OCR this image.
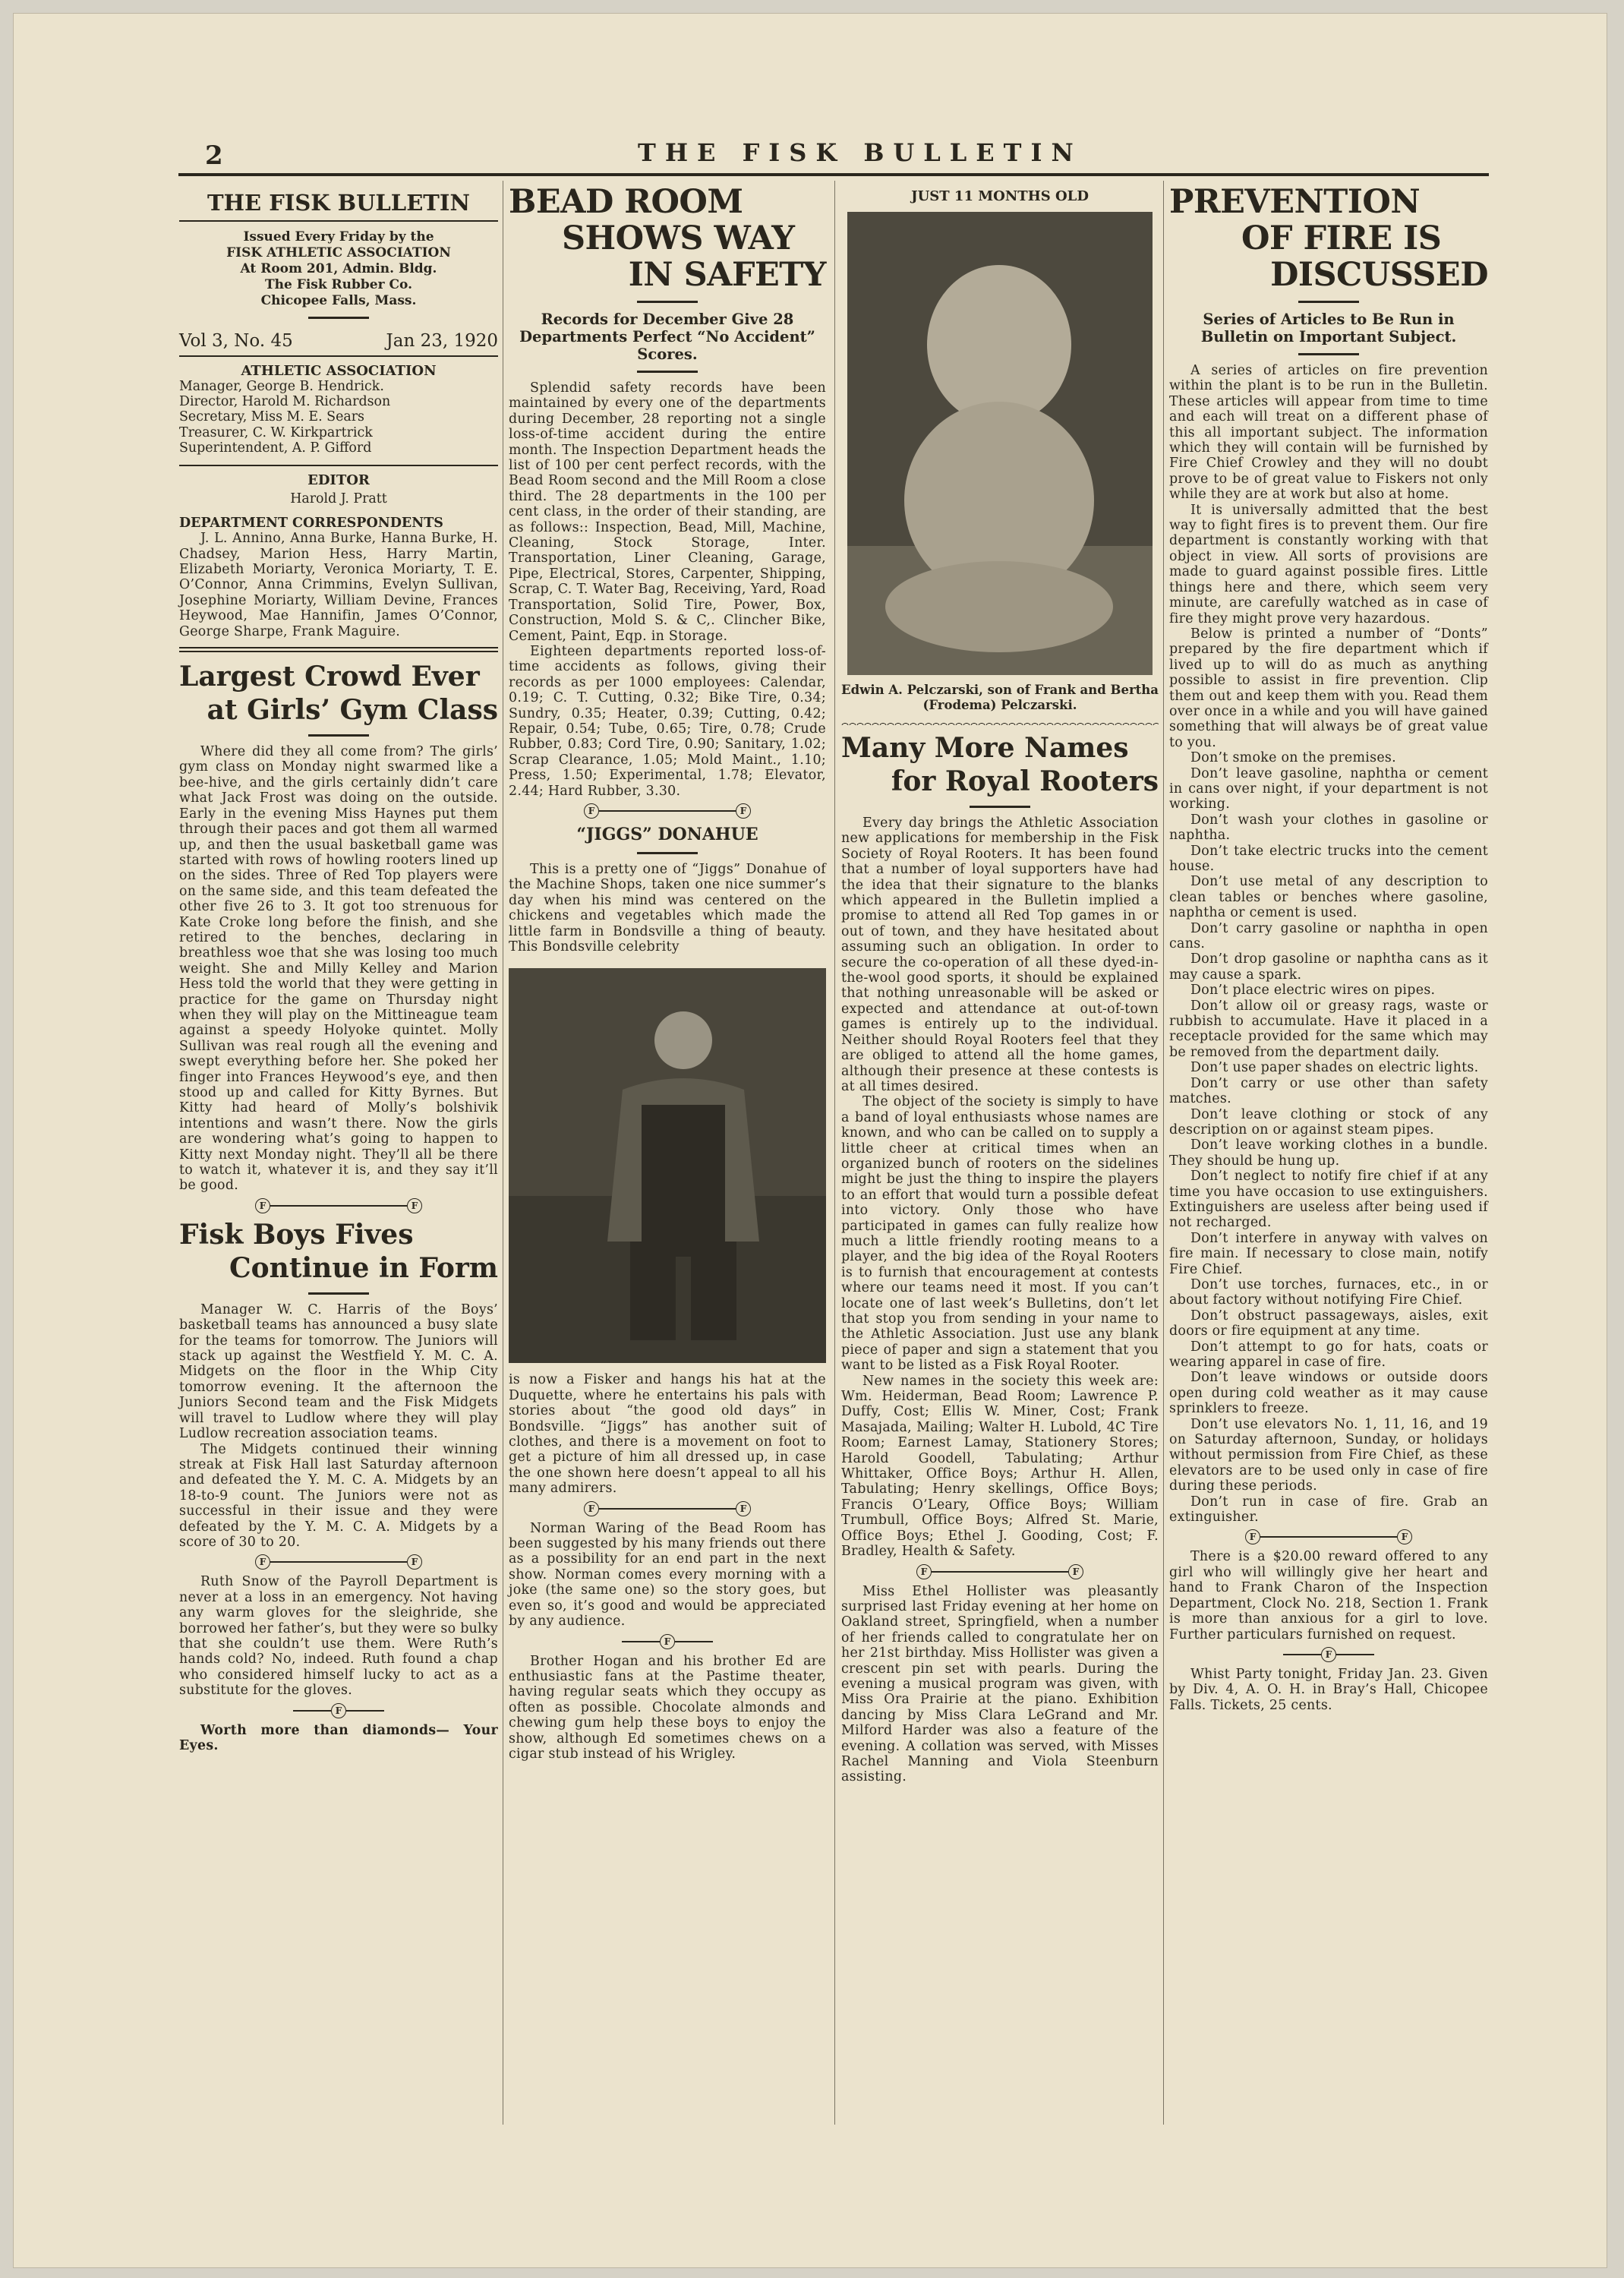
2	THE FISK BULLETIN
THE FISK BULLETIN
Issued Every Friday by the
FISK ATHLETIC ASSOCIATION
At Room 201, Admin. Bldg.
The Fisk Rubber Co.
Chicopee Falls, Mass.
Vol 3, No. 45	Jan 23, 1920
ATHLETIC ASSOCIATION
Manager, George B. Hendrick.
Director, Harold M. Richardson
Secretary, Miss M. E. Sears
Treasurer, C. W. Kirkpartrick
Superintendent, A. P. Gifford
EDITOR
Harold J. Pratt
DEPARTMENT CORRESPONDENTS

J. L. Annino, Anna Burke, Hanna Burke, H. Chadsey, Marion Hess, Harry Martin, Elizabeth Moriarty, Veronica Moriarty, T. E. O’Connor, Anna Crimmins, Evelyn Sullivan, Josephine Moriarty, William Devine, Frances Heywood, Mae Hannifin, James O’Connor, George Sharpe, Frank Maguire.

Largest Crowd Ever
at Girls’ Gym Class

Where did they all come from? The girls’ gym class on Monday night swarmed like a bee-hive, and the girls certainly didn’t care what Jack Frost was doing on the outside. Early in the evening Miss Haynes put them through their paces and got them all warmed up, and then the usual basketball game was started with rows of howling rooters lined up on the sides. Three of Red Top players were on the same side, and this team defeated the other five 26 to 3. It got too strenuous for Kate Croke long before the finish, and she retired to the benches, declaring in breathless woe that she was losing too much weight. She and Milly Kelley and Marion Hess told the world that they were getting in practice for the game on Thursday night when they will play on the Mittineague team against a speedy Holyoke quintet. Molly Sullivan was real rough all the evening and swept everything before her. She poked her finger into Frances Heywood’s eye, and then stood up and called for Kitty Byrnes. But Kitty had heard of Molly’s bolshivik intentions and wasn’t there. Now the girls are wondering what’s going to happen to Kitty next Monday night. They’ll all be there to watch it, whatever it is, and they say it’ll be good.

F	F
Fisk Boys Fives
Continue in Form

Manager W. C. Harris of the Boys’ basketball teams has announced a busy slate for the teams for tomorrow. The Juniors will stack up against the Westfield Y. M. C. A. Midgets on the floor in the Whip City tomorrow evening. It the afternoon the Juniors Second team and the Fisk Midgets will travel to Ludlow where they will play Ludlow recreation association teams.

The Midgets continued their winning streak at Fisk Hall last Saturday afternoon and defeated the Y. M. C. A. Midgets by an 18-to-9 count. The Juniors were not as successful in their issue and they were defeated by the Y. M. C. A. Midgets by a score of 30 to 20.

F	F

Ruth Snow of the Payroll Department is never at a loss in an emergency. Not having any warm gloves for the sleighride, she borrowed her father’s, but they were so bulky that she couldn’t use them. Were Ruth’s hands cold? No, indeed. Ruth found a chap who considered himself lucky to act as a substitute for the gloves.

F

Worth more than diamonds— Your Eyes.

BEAD ROOM
SHOWS WAY
IN SAFETY
Records for December Give 28 Departments Perfect “No Accident” Scores.

Splendid safety records have been maintained by every one of the departments during December, 28 reporting not a single loss-of-time accident during the entire month. The Inspection Department heads the list of 100 per cent perfect records, with the Bead Room second and the Mill Room a close third. The 28 departments in the 100 per cent class, in the order of their standing, are as follows:: Inspection, Bead, Mill, Machine, Cleaning, Stock Storage, Inter. Transportation, Liner Cleaning, Garage, Pipe, Electrical, Stores, Carpenter, Shipping, Scrap, C. T. Water Bag, Receiving, Yard, Road Transportation, Solid Tire, Power, Box, Construction, Mold S. & C,. Clincher Bike, Cement, Paint, Eqp. in Storage.

Eighteen departments reported loss-of-time accidents as follows, giving their records as per 1000 employees: Calendar, 0.19; C. T. Cutting, 0.32; Bike Tire, 0.34; Sundry, 0.35; Heater, 0.39; Cutting, 0.42; Repair, 0.54; Tube, 0.65; Tire, 0.78; Crude Rubber, 0.83; Cord Tire, 0.90; Sanitary, 1.02; Scrap Clearance, 1.05; Mold Maint., 1.10; Press, 1.50; Experimental, 1.78; Elevator, 2.44; Hard Rubber, 3.30.

F	F
“JIGGS” DONAHUE

This is a pretty one of “Jiggs” Donahue of the Machine Shops, taken one nice summer’s day when his mind was centered on the chickens and vegetables which made the little farm in Bondsville a thing of beauty. This Bondsville celebrity

is now a Fisker and hangs his hat at the Duquette, where he entertains his pals with stories about “the good old days” in Bondsville. “Jiggs” has another suit of clothes, and there is a movement on foot to get a picture of him all dressed up, in case the one shown here doesn’t appeal to all his many admirers.

F	F

Norman Waring of the Bead Room has been suggested by his many friends out there as a possibility for an end part in the next show. Norman comes every morning with a joke (the same one) so the story goes, but even so, it’s good and would be appreciated by any audience.

F

Brother Hogan and his brother Ed are enthusiastic fans at the Pastime theater, having regular seats which they occupy as often as possible. Chocolate almonds and chewing gum help these boys to enjoy the show, although Ed sometimes chews on a cigar stub instead of his Wrigley.

JUST 11 MONTHS OLD
Edwin A. Pelczarski, son of Frank and Bertha (Frodema) Pelczarski.
Many More Names
for Royal Rooters

Every day brings the Athletic Association new applications for membership in the Fisk Society of Royal Rooters. It has been found that a number of loyal supporters have had the idea that their signature to the blanks which appeared in the Bulletin implied a promise to attend all Red Top games in or out of town, and they have hesitated about assuming such an obligation. In order to secure the co-operation of all these dyed-in-the-wool good sports, it should be explained that nothing unreasonable will be asked or expected and attendance at out-of-town games is entirely up to the individual. Neither should Royal Rooters feel that they are obliged to attend all the home games, although their presence at these contests is at all times desired.

The object of the society is simply to have a band of loyal enthusiasts whose names are known, and who can be called on to supply a little cheer at critical times when an organized bunch of rooters on the sidelines might be just the thing to inspire the players to an effort that would turn a possible defeat into victory. Only those who have participated in games can fully realize how much a little friendly rooting means to a player, and the big idea of the Royal Rooters is to furnish that encouragement at contests where our teams need it most. If you can’t locate one of last week’s Bulletins, don’t let that stop you from sending in your name to the Athletic Association. Just use any blank piece of paper and sign a statement that you want to be listed as a Fisk Royal Rooter.

New names in the society this week are: Wm. Heiderman, Bead Room; Lawrence P. Duffy, Cost; Ellis W. Miner, Cost; Frank Masajada, Mailing; Walter H. Lubold, 4C Tire Room; Earnest Lamay, Stationery Stores; Harold Goodell, Tabulating; Arthur Whittaker, Office Boys; Arthur H. Allen, Tabulating; Henry skellings, Office Boys; Francis O’Leary, Office Boys; William Trumbull, Office Boys; Alfred St. Marie, Office Boys; Ethel J. Gooding, Cost; F. Bradley, Health & Safety.

F	F

Miss Ethel Hollister was pleasantly surprised last Friday evening at her home on Oakland street, Springfield, when a number of her friends called to congratulate her on her 21st birthday. Miss Hollister was given a crescent pin set with pearls. During the evening a musical program was given, with Miss Ora Prairie at the piano. Exhibition dancing by Miss Clara LeGrand and Mr. Milford Harder was also a feature of the evening. A collation was served, with Misses Rachel Manning and Viola Steenburn assisting.

PREVENTION
OF FIRE IS
DISCUSSED
Series of Articles to Be Run in Bulletin on Important Subject.

A series of articles on fire prevention within the plant is to be run in the Bulletin. These articles will appear from time to time and each will treat on a different phase of this all important subject. The information which they will contain will be furnished by Fire Chief Crowley and they will no doubt prove to be of great value to Fiskers not only while they are at work but also at home.

It is universally admitted that the best way to fight fires is to prevent them. Our fire department is constantly working with that object in view. All sorts of provisions are made to guard against possible fires. Little things here and there, which seem very minute, are carefully watched as in case of fire they might prove very hazardous.

Below is printed a number of “Donts” prepared by the fire department which if lived up to will do as much as anything possible to assist in fire prevention. Clip them out and keep them with you. Read them over once in a while and you will have gained something that will always be of great value to you.

Don’t smoke on the premises.

Don’t leave gasoline, naphtha or cement in cans over night, if your department is not working.

Don’t wash your clothes in gasoline or naphtha.

Don’t take electric trucks into the cement house.

Don’t use metal of any description to clean tables or benches where gasoline, naphtha or cement is used.

Don’t carry gasoline or naphtha in open cans.

Don’t drop gasoline or naphtha cans as it may cause a spark.

Don’t place electric wires on pipes.

Don’t allow oil or greasy rags, waste or rubbish to accumulate. Have it placed in a receptacle provided for the same which may be removed from the department daily.

Don’t use paper shades on electric lights.

Don’t carry or use other than safety matches.

Don’t leave clothing or stock of any description on or against steam pipes.

Don’t leave working clothes in a bundle. They should be hung up.

Don’t neglect to notify fire chief if at any time you have occasion to use extinguishers. Extinguishers are useless after being used if not recharged.

Don’t interfere in anyway with valves on fire main. If necessary to close main, notify Fire Chief.

Don’t use torches, furnaces, etc., in or about factory without notifying Fire Chief.

Don’t obstruct passageways, aisles, exit doors or fire equipment at any time.

Don’t attempt to go for hats, coats or wearing apparel in case of fire.

Don’t leave windows or outside doors open during cold weather as it may cause sprinklers to freeze.

Don’t use elevators No. 1, 11, 16, and 19 on Saturday afternoon, Sunday, or holidays without permission from Fire Chief, as these elevators are to be used only in case of fire during these periods.

Don’t run in case of fire. Grab an extinguisher.

F	F

There is a $20.00 reward offered to any girl who will willingly give her heart and hand to Frank Charon of the Inspection Department, Clock No. 218, Section 1. Frank is more than anxious for a girl to love. Further particulars furnished on request.

F

Whist Party tonight, Friday Jan. 23. Given by Div. 4, A. O. H. in Bray’s Hall, Chicopee Falls. Tickets, 25 cents.
